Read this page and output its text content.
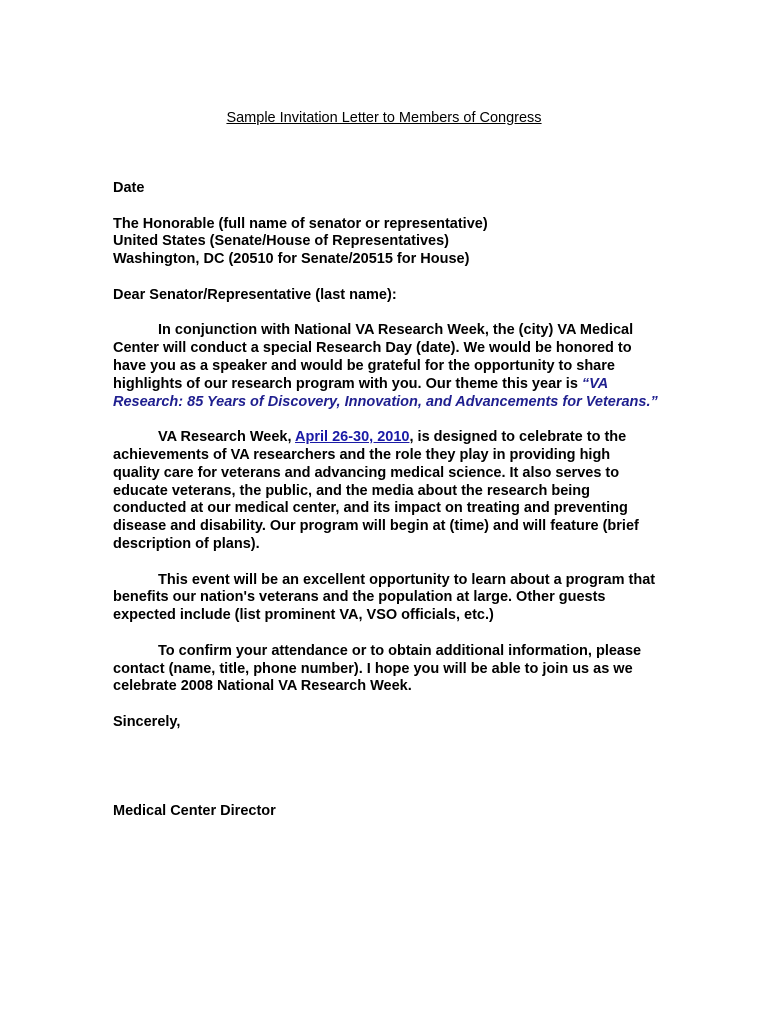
Sample Invitation Letter to Members of Congress

Date

The Honorable (full name of senator or representative)

United States (Senate/House of Representatives)

Washington, DC (20510 for Senate/20515 for House)

Dear Senator/Representative (last name):

In conjunction with National VA Research Week, the (city) VA Medical Center will conduct a special Research Day (date). We would be honored to have you as a speaker and would be grateful for the opportunity to share highlights of our research program with you. Our theme this year is “VA Research: 85 Years of Discovery, Innovation, and Advancements for Veterans.”

VA Research Week, April 26-30, 2010, is designed to celebrate to the achievements of VA researchers and the role they play in providing high quality care for veterans and advancing medical science. It also serves to educate veterans, the public, and the media about the research being conducted at our medical center, and its impact on treating and preventing disease and disability. Our program will begin at (time) and will feature (brief description of plans).

This event will be an excellent opportunity to learn about a program that benefits our nation's veterans and the population at large. Other guests expected include (list prominent VA, VSO officials, etc.)

To confirm your attendance or to obtain additional information, please contact (name, title, phone number). I hope you will be able to join us as we celebrate 2008 National VA Research Week.

Sincerely,

Medical Center Director
